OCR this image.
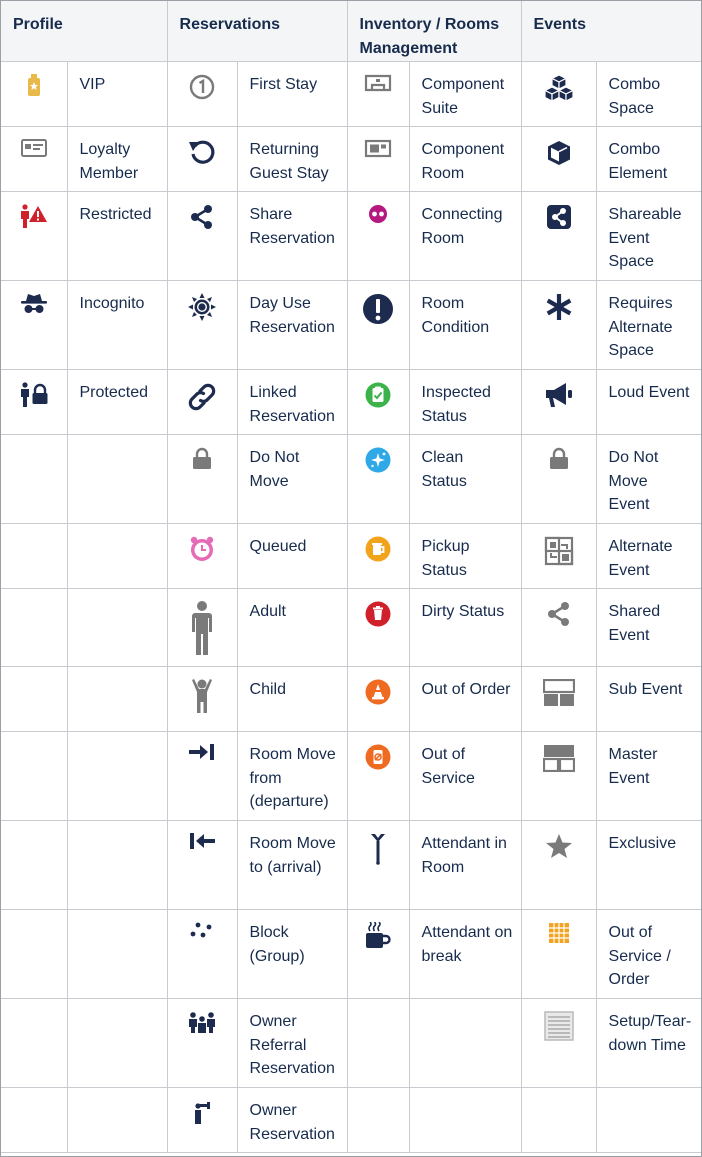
Profile		Reservations		Inventory / Rooms Management		Events	
	VIP		First Stay		Component Suite		Combo Space
	Loyalty Member		Returning Guest Stay		Component Room		Combo Element
	Restricted		Share Reservation		Connecting Room		Shareable Event Space
	Incognito		Day Use Reservation		Room Condition		Requires Alternate Space
	Protected		Linked Reservation		Inspected Status		Loud Event
			Do Not Move		Clean Status		Do Not Move Event
			Queued		Pickup Status		Alternate Event
			Adult		Dirty Status		Shared Event
			Child		Out of Order		Sub Event
			Room Move from (departure)		Out of Service		Master Event
			Room Move to (arrival)		Attendant in Room		Exclusive
			Block (Group)		Attendant on break		Out of Service / Order
			Owner Referral Reservation				Setup/Tear-down Time
			Owner Reservation				
